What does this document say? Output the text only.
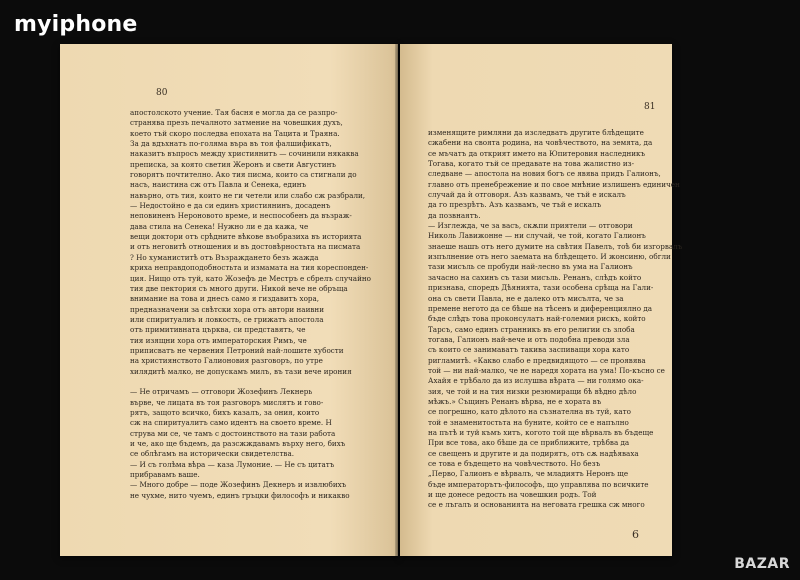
myiphone
80
апостолското учение. Тая басня е могла да се разпро-
странява презъ печалното затмение на човешкия духъ,
което тъй скоро последва епохата на Тацита и Траяна.
За да вдъхнатъ по-голяма въра въ тоя фалшификатъ,
наказитъ въпросъ между християнитъ — сочинили някаква
преписка, за която светия Жеронъ и свети Августинъ
говорятъ почтително. Ако тия писма, които са стигнали до
насъ, наистина сж отъ Павла и Сенека, единъ
навърно, отъ тия, които не ги четели или слабо сж разбрали,
— Недостойно е да си единъ християнинъ, досаденъ
неповиненъ Нероновото време, и неспособенъ да възраж-
дава стила на Сенека! Нужно ли е да кажа, че
вещи доктори отъ срѣдните вѣкове въобразиха въ историята
и отъ неговитѣ отношения и въ достовѣрностьта на писмата
? Но хуманиститѣ отъ Възраждането безъ жажда
криха неправдоподобностьта и измамата на тия кореспонден-
ция. Нищо отъ туй, като Жозефъ де Местръ е сбрелъ случайно
тия две пектория съ много други. Никой вече не обръща
внимание на това и днесъ само я гиздавитъ хора,
предназначени за свѣтски хора отъ автори наивни
или спиритуалиъ и ловкость, се грижатъ апостола
отъ примитивната църква, си представятъ, че
тия изящни хора отъ императорския Римъ, че
приписватъ не червения Петроний най-лошите хубости
на християнството Галионовия разговоръ, по утре
хилядитѣ малко, не допускамъ милъ, въ тази вече ирония

— Не отричамъ — отговори Жозефинъ Лекнерь
върве, че лицата въ тоя разговоръ мислятъ и гово-
рятъ, защото всичко, бихъ казалъ, за ония, които
сж на спиритуалитъ само идентъ на своето време. Н
струва ми се, че тамъ с достоинството на тази работа
и че, ако ще бъдемъ, да разсжждавамъ върху него, бихъ
се облѣгамъ на исторически свидетелства.
— И съ голѣма вѣра — каза Лумоние. — Не съ цитатъ
прибравамъ ваше.
— Много добре — поде Жозефинъ Декнеръ и извлюбихъ
не чухме, нито чуемъ, единъ гръцки философъ и никакво
81
изменящите римляни да изследватъ другите блѣдещите
сжабени на своята родина, на човѣчеството, на земята, да
се мъчатъ да открият името на Юпитеровия наследникъ
Тогава, когато тъй се предавате на това жалистно из-
следване — апостола на новия богъ се явява придъ Галионъ,
главно отъ пренебрежение и по свое мнѣние излишенъ единичен
случай да ѝ отговоря. Азъ казвамъ, че тъй е искалъ
да го презрѣтъ. Азъ казвамъ, че тъй е искалъ
да позвнаятъ.
— Изглежда, че за васъ, скѫпи приятели — отговори
Николь Лавижонне — ни случай, че той, когато Галионъ
знаеше нашъ отъ него думите на свѣтия Павелъ, тоѣ би изгорвалъ
изпълнение отъ него заемата на блѣдещето. И жонсиню, обгли
тази мисъль се пробуди най-лесно въ ума на Галионъ
зачасно на сахинъ съ тази мисъль. Ренанъ, слѣдъ който
признава, споредъ Дѣянията, тази особена срѣща на Гали-
она съ свети Павла, не е далеко отъ мисълта, че за
премене негото да се бѣше на тѣсенъ и диференциялно да
бъде слѣдъ това проконсулатъ най-големия рискъ, който
Тарсъ, само единъ странникъ въ его религии съ злоба
тогава, Галионъ най-вече и отъ подобна преводи зла
съ които се занимаватъ такива заспиващи хора като
ригламитѣ. «Какво слабо е предвидящото — се проявява
той — ни най-малко, че не наредя хората на ума! По-късно се
Ахайя е трѣбало да из ислушва вѣрата — ни голямо ока-
зия, че той и на тия низки резюмиращи бѣ вѣдно дѣло
мѣжъ.» Същинъ Ренанъ вѣрва, не е хората въ
се погрешно, като дѣлото на съзнателна въ туй, като
той е знаменитостьта на буните, който се е напълно
на пътѣ и туй къмъ хитъ, когото той ще вѣрвалъ въ бъдеще
При все това, ако бѣше да се приближите, трѣбва да
се свещенъ и другите и да подирятъ, отъ сѫ надѣяваха
се това е бъдещето на човѣчеството. Но безъ
„Перво, Галионъ е вѣрвалъ, че младиятъ Неронъ ще
бъде императорътъ-философъ, що управлява по всичките
и ще донесе редость на човешкия родъ. Той
се е лъгалъ и основанията на неговата грешка сж много
6
BAZAR
